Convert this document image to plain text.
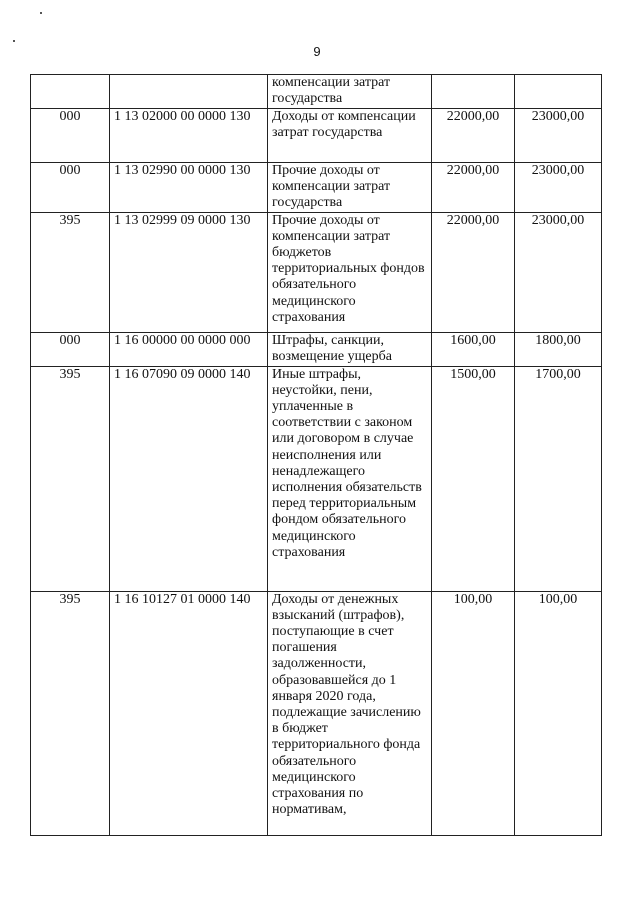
9
		компенсации затрат государства		
000	1 13 02000 00 0000 130	Доходы от компенсации затрат государства	22000,00	23000,00
000	1 13 02990 00 0000 130	Прочие доходы от компенсации затрат государства	22000,00	23000,00
395	1 13 02999 09 0000 130	Прочие доходы от компенсации затрат бюджетов территориальных фондов обязательного медицинского страхования	22000,00	23000,00
000	1 16 00000 00 0000 000	Штрафы, санкции, возмещение ущерба	1600,00	1800,00
395	1 16 07090 09 0000 140	Иные штрафы, неустойки, пени, уплаченные в соответствии с законом или договором в случае неисполнения или ненадлежащего исполнения обязательств перед территориальным фондом обязательного медицинского страхования	1500,00	1700,00
395	1 16 10127 01 0000 140	Доходы от денежных взысканий (штрафов), поступающие в счет погашения задолженности, образовавшейся до 1 января 2020 года, подлежащие зачислению в бюджет территориального фонда обязательного медицинского страхования по нормативам,	100,00	100,00
